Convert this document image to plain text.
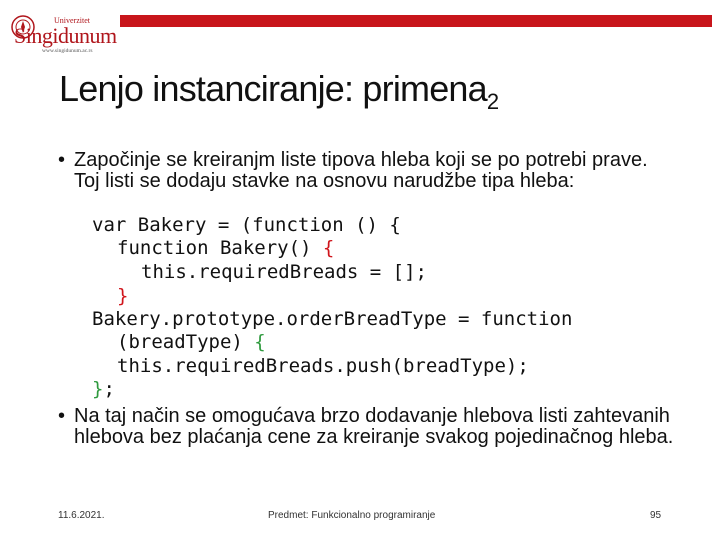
Univerzitet
Singidunum
www.singidunum.ac.rs
Lenjo instanciranje: primena$_2$
• Započinje se kreiranjm liste tipova hleba koji se po potrebi prave. Toj listi se dodaju stavke na osnovu narudžbe tipa hleba:
var Bakery = (function () {
function Bakery() {
this.requiredBreads = [];
}
Bakery.prototype.orderBreadType = function
(breadType) {
this.requiredBreads.push(breadType);
};
• Na taj način se omogućava brzo dodavanje hlebova listi zahtevanih hlebova bez plaćanja cene za kreiranje svakog pojedinačnog hleba.
11.6.2021.	Predmet: Funkcionalno programiranje	95
